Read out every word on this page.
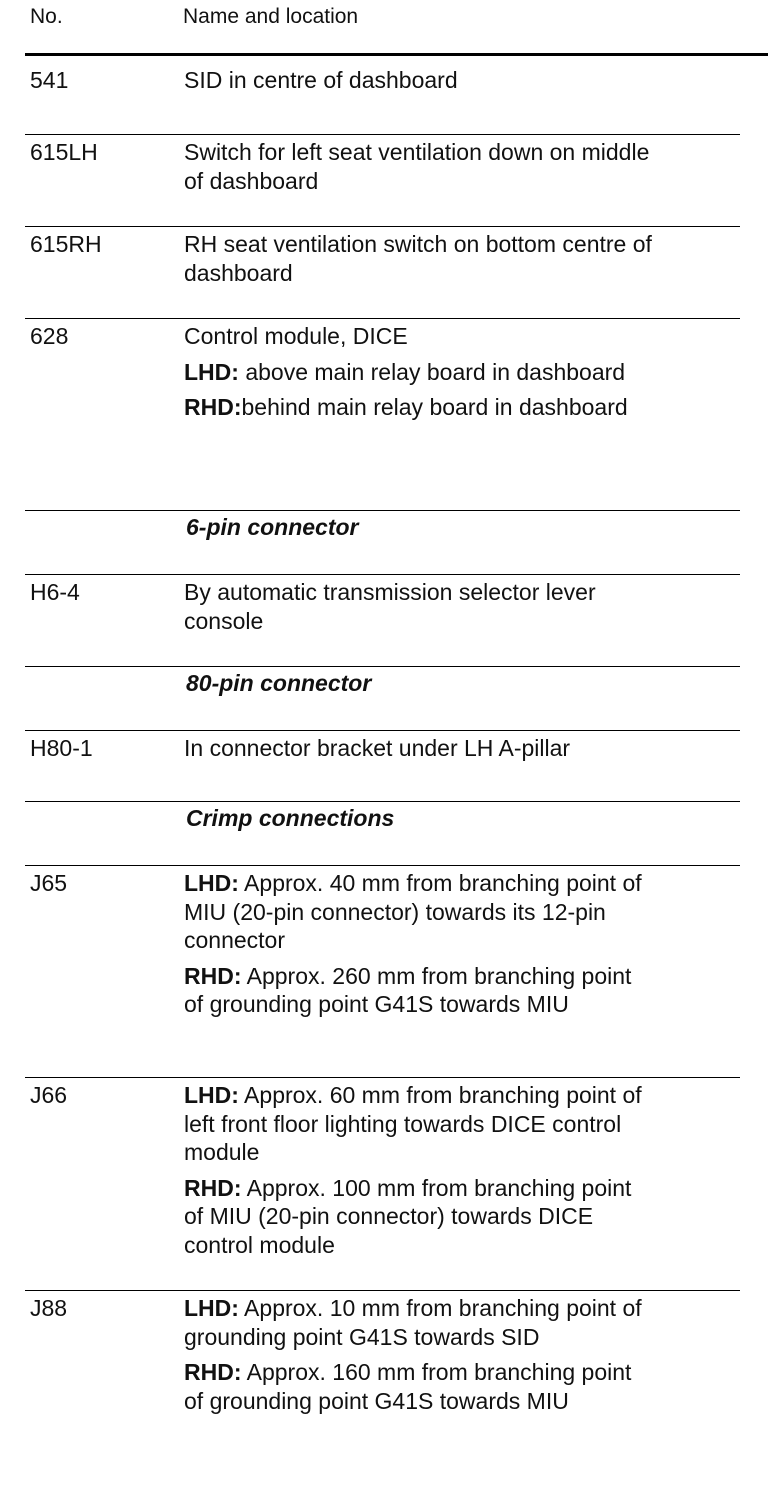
No.	Name and location
541	SID in centre of dashboard

615LH	Switch for left seat ventilation down on middle of dashboard

615RH	RH seat ventilation switch on bottom centre of dashboard

628	Control module, DICE

LHD: above main relay board in dashboard

RHD:behind main relay board in dashboard

6-pin connector
H6-4	By automatic transmission selector lever console

80-pin connector
H80-1	In connector bracket under LH A-pillar

Crimp connections
J65	LHD: Approx. 40 mm from branching point of MIU (20-pin connector) towards its 12-pin connector

RHD: Approx. 260 mm from branching point of grounding point G41S towards MIU

J66	LHD: Approx. 60 mm from branching point of left front floor lighting towards DICE control module

RHD: Approx. 100 mm from branching point of MIU (20-pin connector) towards DICE control module

J88	LHD: Approx. 10 mm from branching point of grounding point G41S towards SID

RHD: Approx. 160 mm from branching point of grounding point G41S towards MIU
